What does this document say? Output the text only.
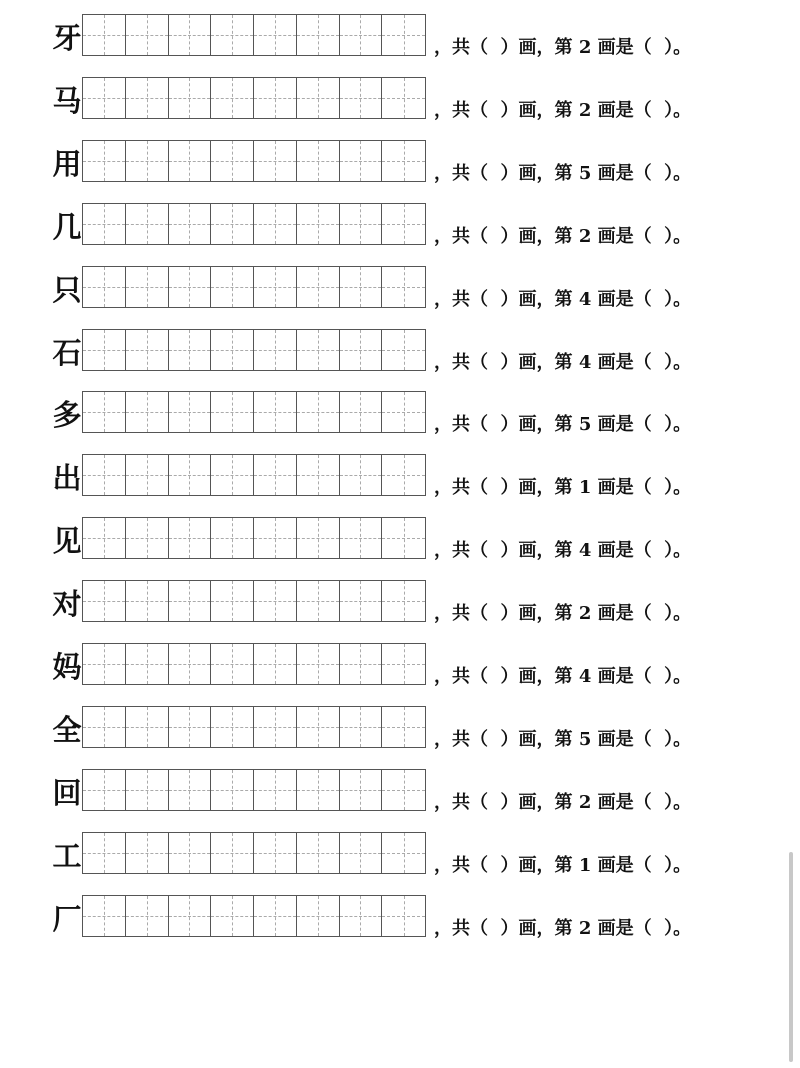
牙	，共（  ）画，第 2 画是（  ）。
马	，共（  ）画，第 2 画是（  ）。
用	，共（  ）画，第 5 画是（  ）。
几	，共（  ）画，第 2 画是（  ）。
只	，共（  ）画，第 4 画是（  ）。
石	，共（  ）画，第 4 画是（  ）。
多	，共（  ）画，第 5 画是（  ）。
出	，共（  ）画，第 1 画是（  ）。
见	，共（  ）画，第 4 画是（  ）。
对	，共（  ）画，第 2 画是（  ）。
妈	，共（  ）画，第 4 画是（  ）。
全	，共（  ）画，第 5 画是（  ）。
回	，共（  ）画，第 2 画是（  ）。
工	，共（  ）画，第 1 画是（  ）。
厂	，共（  ）画，第 2 画是（  ）。
